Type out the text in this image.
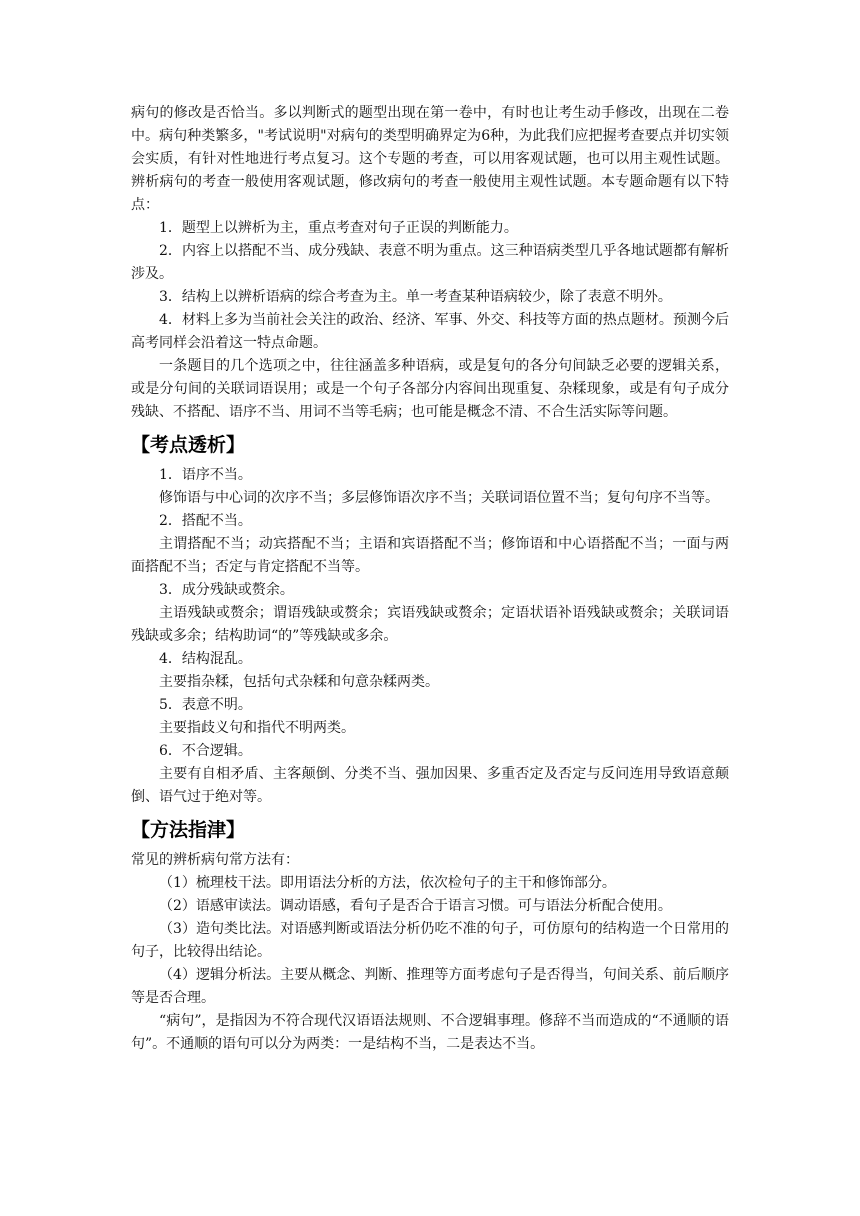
病句的修改是否恰当。多以判断式的题型出现在第一卷中，有时也让考生动手修改，出现在二卷中。病句种类繁多，"考试说明"对病句的类型明确界定为6种，为此我们应把握考查要点并切实领会实质，有针对性地进行考点复习。这个专题的考查，可以用客观试题，也可以用主观性试题。辨析病句的考查一般使用客观试题，修改病句的考查一般使用主观性试题。本专题命题有以下特点：

1．题型上以辨析为主，重点考查对句子正误的判断能力。

2．内容上以搭配不当、成分残缺、表意不明为重点。这三种语病类型几乎各地试题都有解析涉及。

3．结构上以辨析语病的综合考查为主。单一考查某种语病较少，除了表意不明外。

4．材料上多为当前社会关注的政治、经济、军事、外交、科技等方面的热点题材。预测今后高考同样会沿着这一特点命题。

一条题目的几个选项之中，往往涵盖多种语病，或是复句的各分句间缺乏必要的逻辑关系，或是分句间的关联词语误用；或是一个句子各部分内容间出现重复、杂糅现象，或是有句子成分残缺、不搭配、语序不当、用词不当等毛病；也可能是概念不清、不合生活实际等问题。

【考点透析】

1．语序不当。

修饰语与中心词的次序不当；多层修饰语次序不当；关联词语位置不当；复句句序不当等。

2．搭配不当。

主谓搭配不当；动宾搭配不当；主语和宾语搭配不当；修饰语和中心语搭配不当；一面与两面搭配不当；否定与肯定搭配不当等。

3．成分残缺或赘余。

主语残缺或赘余；谓语残缺或赘余；宾语残缺或赘余；定语状语补语残缺或赘余；关联词语残缺或多余；结构助词“的”等残缺或多余。

4．结构混乱。

主要指杂糅，包括句式杂糅和句意杂糅两类。

5．表意不明。

主要指歧义句和指代不明两类。

6．不合逻辑。

主要有自相矛盾、主客颠倒、分类不当、强加因果、多重否定及否定与反问连用导致语意颠倒、语气过于绝对等。

【方法指津】

常见的辨析病句常方法有：

（1）梳理枝干法。即用语法分析的方法，依次检句子的主干和修饰部分。

（2）语感审读法。调动语感，看句子是否合于语言习惯。可与语法分析配合使用。

（3）造句类比法。对语感判断或语法分析仍吃不准的句子，可仿原句的结构造一个日常用的句子，比较得出结论。

（4）逻辑分析法。主要从概念、判断、推理等方面考虑句子是否得当，句间关系、前后顺序等是否合理。

“病句”，是指因为不符合现代汉语语法规则、不合逻辑事理。修辞不当而造成的“不通顺的语句”。不通顺的语句可以分为两类：一是结构不当，二是表达不当。
